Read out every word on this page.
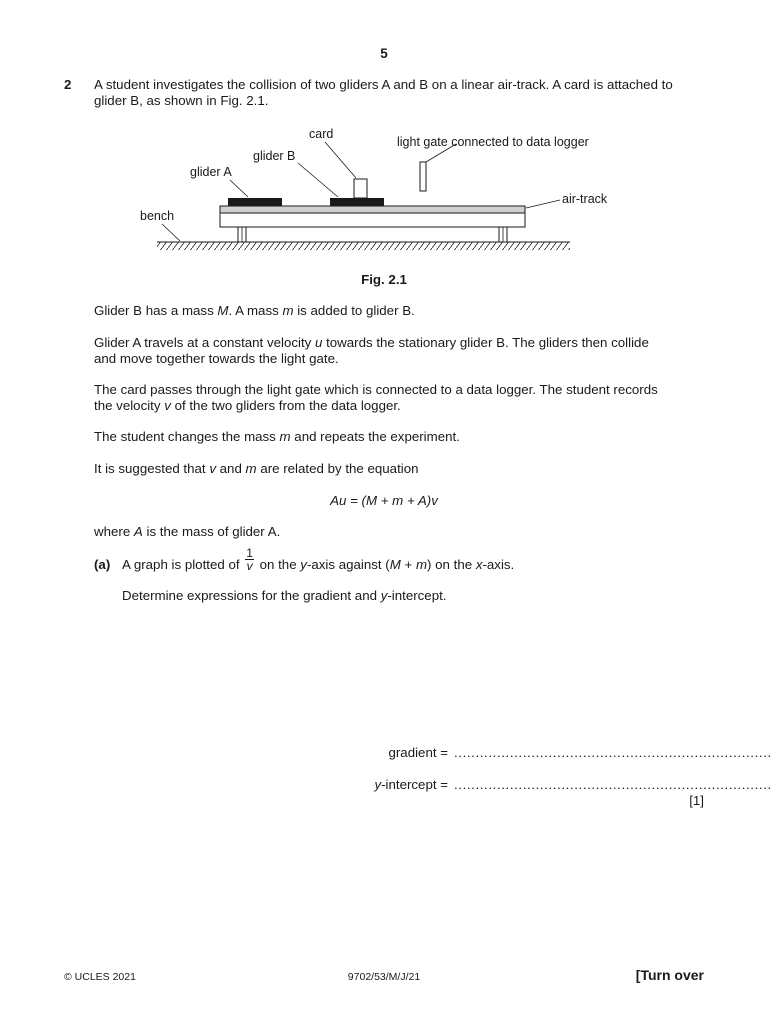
5
2 A student investigates the collision of two gliders A and B on a linear air-track. A card is attached to
glider B, as shown in Fig. 2.1.
card
glider B
glider A
bench
light gate connected to data logger
air-track
Fig. 2.1
Glider B has a mass M. A mass m is added to glider B.
Glider A travels at a constant velocity u towards the stationary glider B. The gliders then collide
and move together towards the light gate.
The card passes through the light gate which is connected to a data logger. The student records
the velocity v of the two gliders from the data logger.
The student changes the mass m and repeats the experiment.
It is suggested that v and m are related by the equation
Au = (M + m + A)v
where A is the mass of glider A.
(a) A graph is plotted of $\frac{1}{v}$ on the y-axis against (M + m) on the x-axis.
Determine expressions for the gradient and y-intercept.
gradient = ..........................................................................
y-intercept = ..........................................................................
[1]
© UCLES 2021	9702/53/M/J/21	[Turn over
